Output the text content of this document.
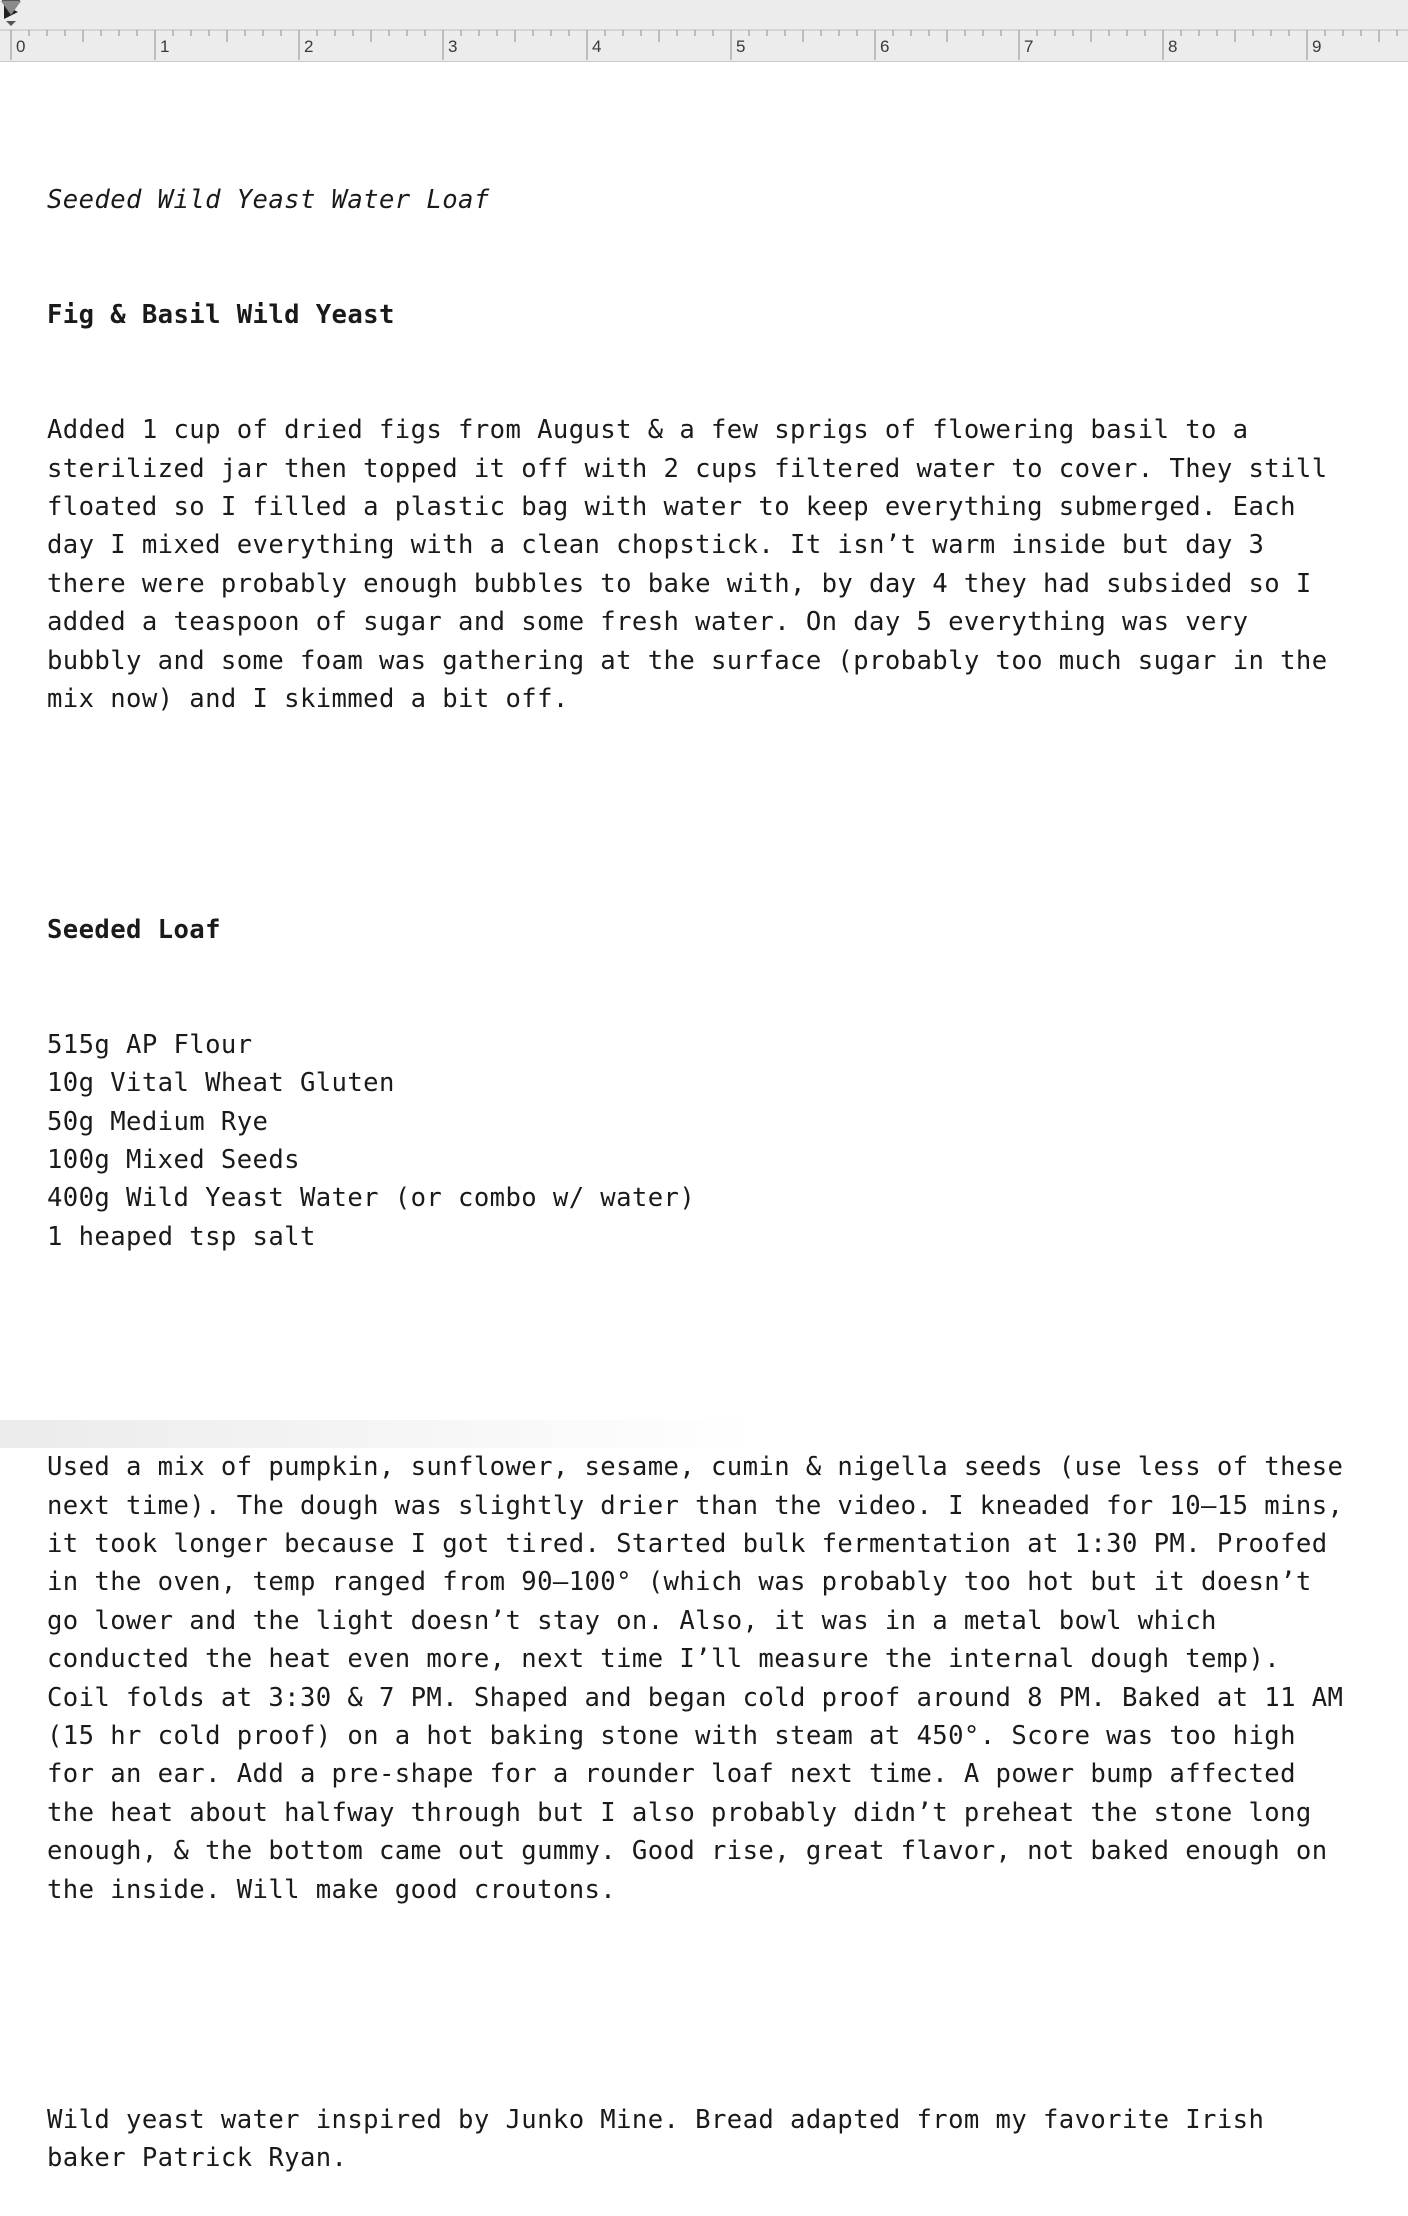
0	1	2	3	4	5	6	7	8	9

Seeded Wild Yeast Water Loaf

Fig & Basil Wild Yeast

Added 1 cup of dried figs from August & a few sprigs of flowering basil to a
sterilized jar then topped it off with 2 cups filtered water to cover. They still
floated so I filled a plastic bag with water to keep everything submerged. Each
day I mixed everything with a clean chopstick. It isn’t warm inside but day 3
there were probably enough bubbles to bake with, by day 4 they had subsided so I
added a teaspoon of sugar and some fresh water. On day 5 everything was very
bubbly and some foam was gathering at the surface (probably too much sugar in the
mix now) and I skimmed a bit off.

Seeded Loaf

515g AP Flour
10g Vital Wheat Gluten
50g Medium Rye
100g Mixed Seeds
400g Wild Yeast Water (or combo w/ water)
1 heaped tsp salt

Used a mix of pumpkin, sunflower, sesame, cumin & nigella seeds (use less of these
next time). The dough was slightly drier than the video. I kneaded for 10–15 mins,
it took longer because I got tired. Started bulk fermentation at 1:30 PM. Proofed
in the oven, temp ranged from 90–100° (which was probably too hot but it doesn’t
go lower and the light doesn’t stay on. Also, it was in a metal bowl which
conducted the heat even more, next time I’ll measure the internal dough temp).
Coil folds at 3:30 & 7 PM. Shaped and began cold proof around 8 PM. Baked at 11 AM
(15 hr cold proof) on a hot baking stone with steam at 450°. Score was too high
for an ear. Add a pre-shape for a rounder loaf next time. A power bump affected
the heat about halfway through but I also probably didn’t preheat the stone long
enough, & the bottom came out gummy. Good rise, great flavor, not baked enough on
the inside. Will make good croutons.

Wild yeast water inspired by Junko Mine. Bread adapted from my favorite Irish
baker Patrick Ryan.
